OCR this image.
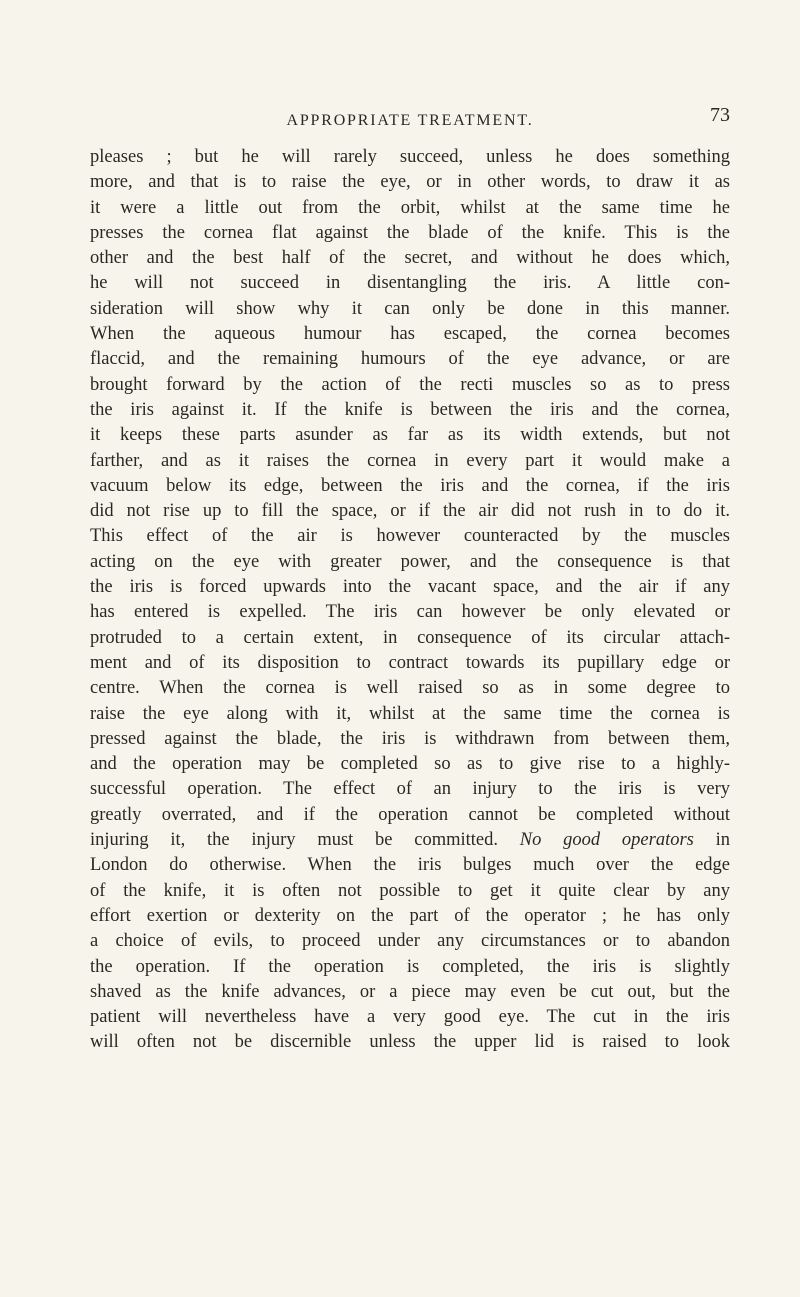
APPROPRIATE TREATMENT.	73
pleases ; but he will rarely succeed, unless he does something
more, and that is to raise the eye, or in other words, to draw it as
it were a little out from the orbit, whilst at the same time he
presses the cornea flat against the blade of the knife. This is the
other and the best half of the secret, and without he does which,
he will not succeed in disentangling the iris. A little con-
sideration will show why it can only be done in this manner.
When the aqueous humour has escaped, the cornea becomes
flaccid, and the remaining humours of the eye advance, or are
brought forward by the action of the recti muscles so as to press
the iris against it. If the knife is between the iris and the cornea,
it keeps these parts asunder as far as its width extends, but not
farther, and as it raises the cornea in every part it would make a
vacuum below its edge, between the iris and the cornea, if the iris
did not rise up to fill the space, or if the air did not rush in to do it.
This effect of the air is however counteracted by the muscles
acting on the eye with greater power, and the consequence is that
the iris is forced upwards into the vacant space, and the air if any
has entered is expelled. The iris can however be only elevated or
protruded to a certain extent, in consequence of its circular attach-
ment and of its disposition to contract towards its pupillary edge or
centre. When the cornea is well raised so as in some degree to
raise the eye along with it, whilst at the same time the cornea is
pressed against the blade, the iris is withdrawn from between them,
and the operation may be completed so as to give rise to a highly-
successful operation. The effect of an injury to the iris is very
greatly overrated, and if the operation cannot be completed without
injuring it, the injury must be committed. No good operators in
London do otherwise. When the iris bulges much over the edge
of the knife, it is often not possible to get it quite clear by any
effort exertion or dexterity on the part of the operator ; he has only
a choice of evils, to proceed under any circumstances or to abandon
the operation. If the operation is completed, the iris is slightly
shaved as the knife advances, or a piece may even be cut out, but the
patient will nevertheless have a very good eye. The cut in the iris
will often not be discernible unless the upper lid is raised to look
